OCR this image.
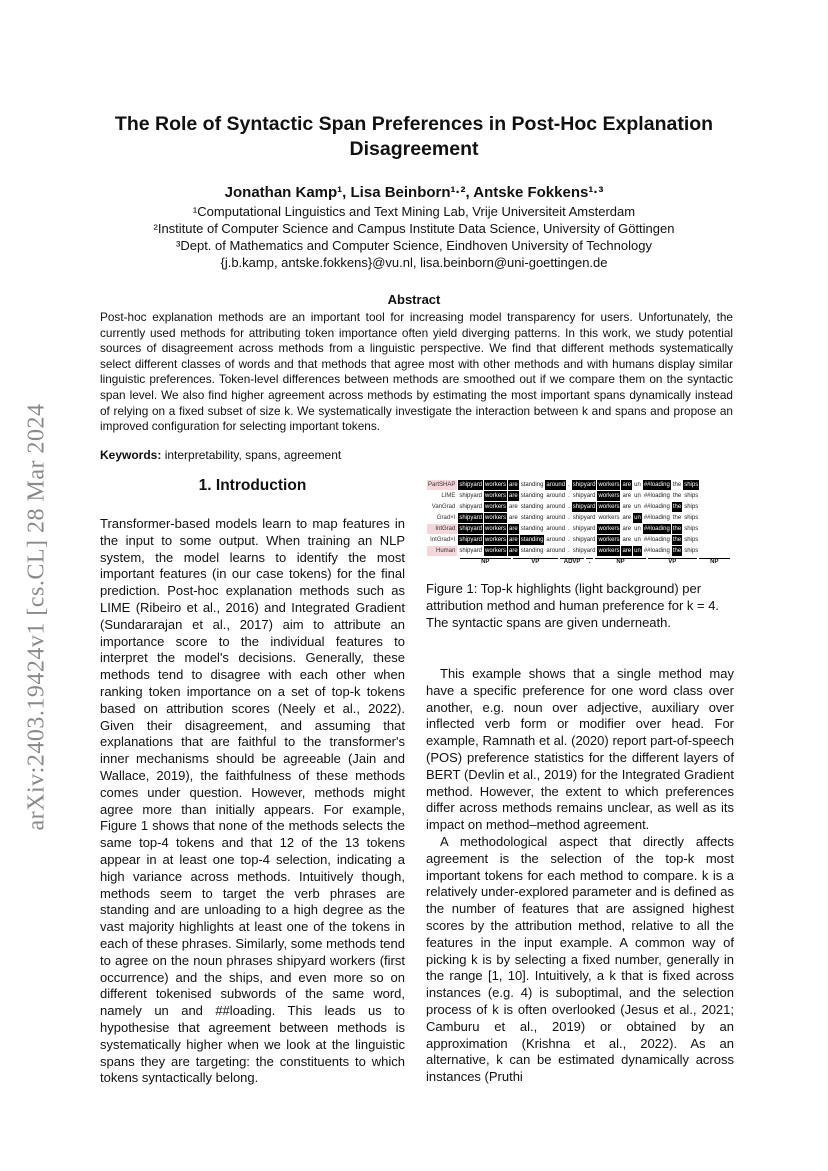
arXiv:2403.19424v1 [cs.CL] 28 Mar 2024
The Role of Syntactic Span Preferences in Post-Hoc Explanation Disagreement
Jonathan Kamp¹, Lisa Beinborn¹·², Antske Fokkens¹·³
¹Computational Linguistics and Text Mining Lab, Vrije Universiteit Amsterdam
²Institute of Computer Science and Campus Institute Data Science, University of Göttingen
³Dept. of Mathematics and Computer Science, Eindhoven University of Technology
{j.b.kamp, antske.fokkens}@vu.nl, lisa.beinborn@uni-goettingen.de
Abstract
Post-hoc explanation methods are an important tool for increasing model transparency for users. Unfortunately, the currently used methods for attributing token importance often yield diverging patterns. In this work, we study potential sources of disagreement across methods from a linguistic perspective. We find that different methods systematically select different classes of words and that methods that agree most with other methods and with humans display similar linguistic preferences. Token-level differences between methods are smoothed out if we compare them on the syntactic span level. We also find higher agreement across methods by estimating the most important spans dynamically instead of relying on a fixed subset of size k. We systematically investigate the interaction between k and spans and propose an improved configuration for selecting important tokens.
Keywords: interpretability, spans, agreement
1. Introduction

Transformer-based models learn to map features in the input to some output. When training an NLP system, the model learns to identify the most important features (in our case tokens) for the final prediction. Post-hoc explanation methods such as LIME (Ribeiro et al., 2016) and Integrated Gradient (Sundararajan et al., 2017) aim to attribute an importance score to the individual features to interpret the model's decisions. Generally, these methods tend to disagree with each other when ranking token importance on a set of top-k tokens based on attribution scores (Neely et al., 2022). Given their disagreement, and assuming that explanations that are faithful to the transformer's inner mechanisms should be agreeable (Jain and Wallace, 2019), the faithfulness of these methods comes under question. However, methods might agree more than initially appears. For example, Figure 1 shows that none of the methods selects the same top-4 tokens and that 12 of the 13 tokens appear in at least one top-4 selection, indicating a high variance across methods. Intuitively though, methods seem to target the verb phrases are standing and are unloading to a high degree as the vast majority highlights at least one of the tokens in each of these phrases. Similarly, some methods tend to agree on the noun phrases shipyard workers (first occurrence) and the ships, and even more so on different tokenised subwords of the same word, namely un and ##loading. This leads us to hypothesise that agreement between methods is systematically higher when we look at the linguistic spans they are targeting: the constituents to which tokens syntactically belong.

PartSHAP	shipyard	workers	are	standing	around	.	shipyard	workers	are	un	##loading	the	ships
LIME	shipyard	workers	are	standing	around	.	shipyard	workers	are	un	##loading	the	ships
VanGrad	shipyard	workers	are	standing	around	.	shipyard	workers	are	un	##loading	the	ships
Grad×I	shipyard	workers	are	standing	around	.	shipyard	workers	are	un	##loading	the	ships
IntGrad	shipyard	workers	are	standing	around	.	shipyard	workers	are	un	##loading	the	ships
IntGrad×I	shipyard	workers	are	standing	around	.	shipyard	workers	are	un	##loading	the	ships
Human	shipyard	workers	are	standing	around	.	shipyard	workers	are	un	##loading	the	ships
NP	VP	ADVP	.	NP	VP	NP
Figure 1: Top-k highlights (light background) per attribution method and human preference for k = 4. The syntactic spans are given underneath.

This example shows that a single method may have a specific preference for one word class over another, e.g. noun over adjective, auxiliary over inflected verb form or modifier over head. For example, Ramnath et al. (2020) report part-of-speech (POS) preference statistics for the different layers of BERT (Devlin et al., 2019) for the Integrated Gradient method. However, the extent to which preferences differ across methods remains unclear, as well as its impact on method–method agreement.

A methodological aspect that directly affects agreement is the selection of the top-k most important tokens for each method to compare. k is a relatively under-explored parameter and is defined as the number of features that are assigned highest scores by the attribution method, relative to all the features in the input example. A common way of picking k is by selecting a fixed number, generally in the range [1, 10]. Intuitively, a k that is fixed across instances (e.g. 4) is suboptimal, and the selection process of k is often overlooked (Jesus et al., 2021; Camburu et al., 2019) or obtained by an approximation (Krishna et al., 2022). As an alternative, k can be estimated dynamically across instances (Pruthi
